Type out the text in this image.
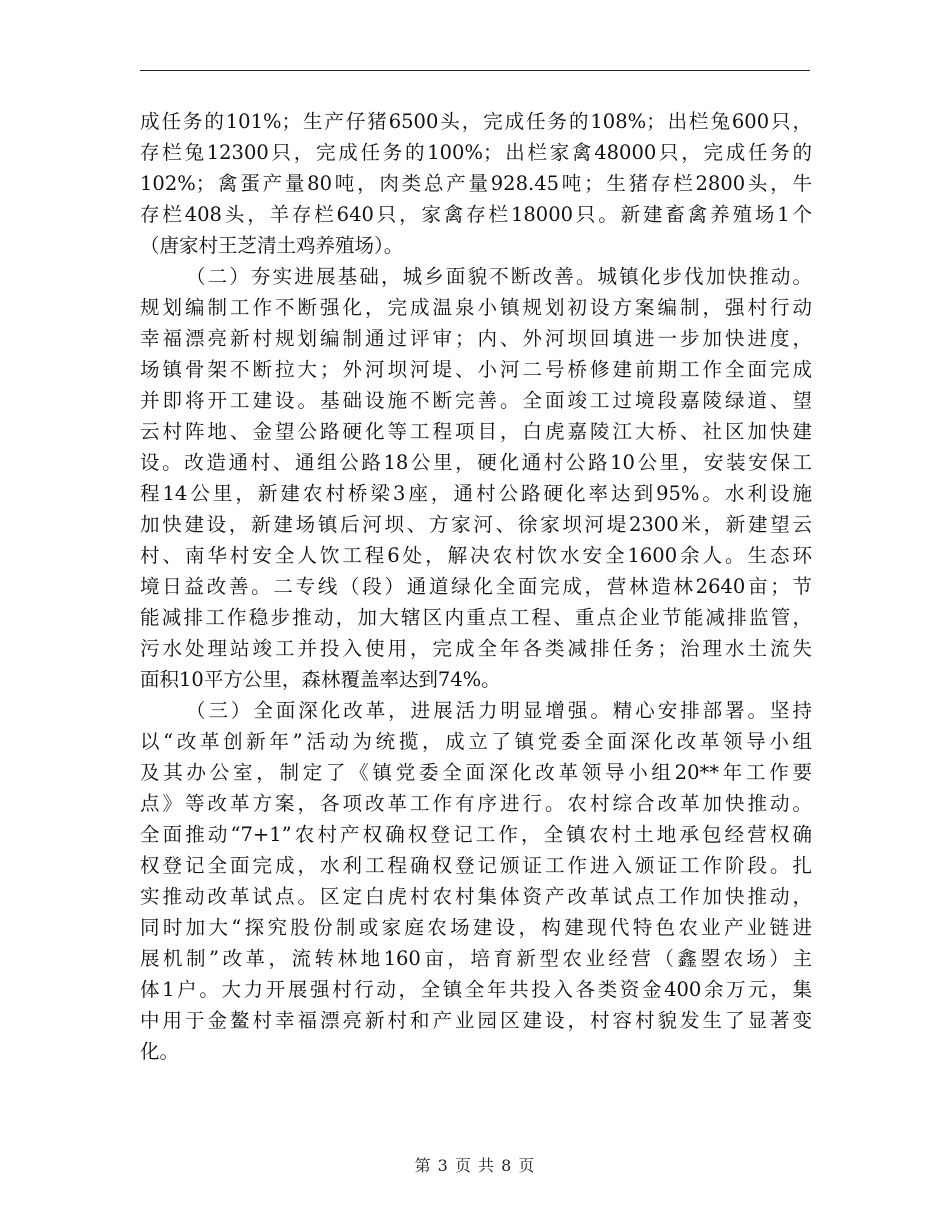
成任务的101%；生产仔猪6500头，完成任务的108%；出栏兔600只，
存栏兔12300只，完成任务的100%；出栏家禽48000只，完成任务的
102%；禽蛋产量80吨，肉类总产量928.45吨；生猪存栏2800头，牛
存栏408头，羊存栏640只，家禽存栏18000只。新建畜禽养殖场1个
（唐家村王芝清土鸡养殖场）。
（二）夯实进展基础，城乡面貌不断改善。城镇化步伐加快推动。
规划编制工作不断强化，完成温泉小镇规划初设方案编制，强村行动
幸福漂亮新村规划编制通过评审；内、外河坝回填进一步加快进度，
场镇骨架不断拉大；外河坝河堤、小河二号桥修建前期工作全面完成
并即将开工建设。基础设施不断完善。全面竣工过境段嘉陵绿道、望
云村阵地、金望公路硬化等工程项目，白虎嘉陵江大桥、社区加快建
设。改造通村、通组公路18公里，硬化通村公路10公里，安装安保工
程14公里，新建农村桥梁3座，通村公路硬化率达到95%。水利设施
加快建设，新建场镇后河坝、方家河、徐家坝河堤2300米，新建望云
村、南华村安全人饮工程6处，解决农村饮水安全1600余人。生态环
境日益改善。二专线（段）通道绿化全面完成，营林造林2640亩；节
能减排工作稳步推动，加大辖区内重点工程、重点企业节能减排监管，
污水处理站竣工并投入使用，完成全年各类减排任务；治理水土流失
面积10平方公里，森林覆盖率达到74%。
（三）全面深化改革，进展活力明显增强。精心安排部署。坚持
以“改革创新年”活动为统揽，成立了镇党委全面深化改革领导小组
及其办公室，制定了《镇党委全面深化改革领导小组20**年工作要
点》等改革方案，各项改革工作有序进行。农村综合改革加快推动。
全面推动“7+1”农村产权确权登记工作，全镇农村土地承包经营权确
权登记全面完成，水利工程确权登记颁证工作进入颁证工作阶段。扎
实推动改革试点。区定白虎村农村集体资产改革试点工作加快推动，
同时加大“探究股份制或家庭农场建设，构建现代特色农业产业链进
展机制”改革，流转林地160亩，培育新型农业经营（鑫曌农场）主
体1户。大力开展强村行动，全镇全年共投入各类资金400余万元，集
中用于金鳌村幸福漂亮新村和产业园区建设，村容村貌发生了显著变
化。
第 3 页 共 8 页
